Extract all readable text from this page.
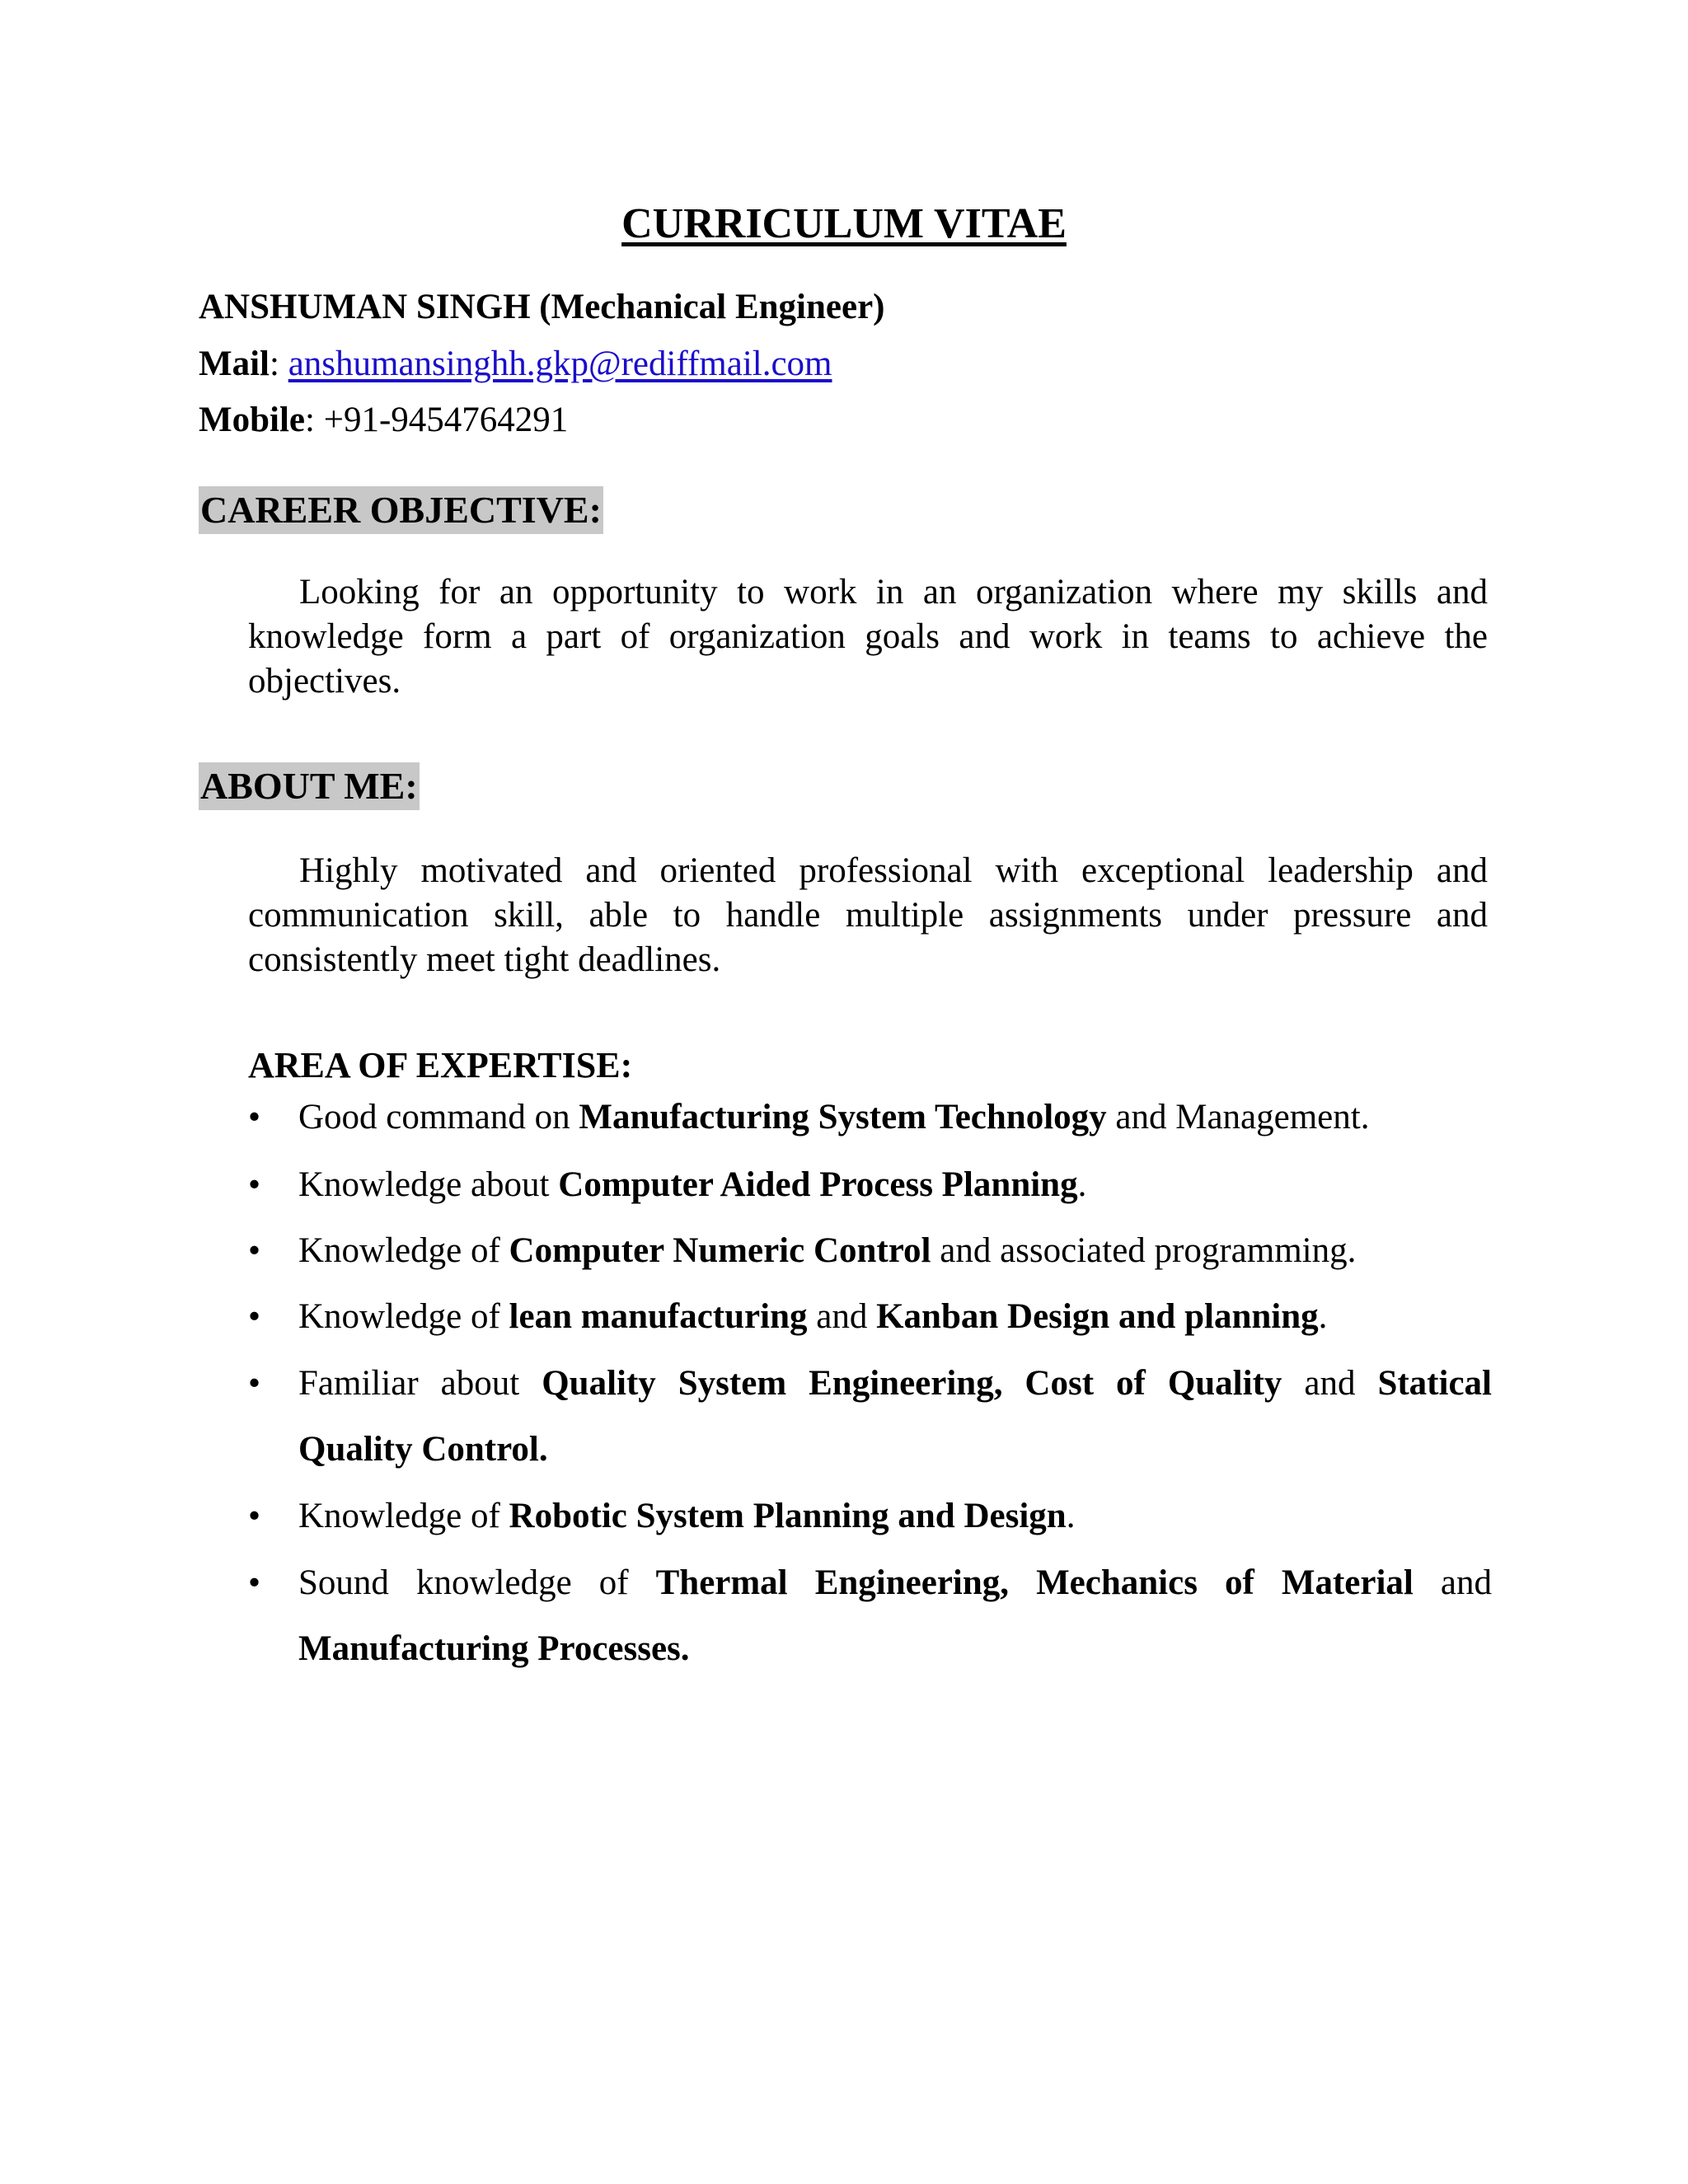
CURRICULUM VITAE
ANSHUMAN SINGH (Mechanical Engineer)
Mail: anshumansinghh.gkp@rediffmail.com
Mobile: +91-9454764291
CAREER OBJECTIVE:
Looking for an opportunity to work in an organization where my skills and knowledge form a part of organization goals and work in teams to achieve the objectives.
ABOUT ME:
Highly motivated and oriented professional with exceptional leadership and communication skill, able to handle multiple assignments under pressure and consistently meet tight deadlines.
AREA OF EXPERTISE:
• Good command on Manufacturing System Technology and Management.
• Knowledge about Computer Aided Process Planning.
• Knowledge of Computer Numeric Control and associated programming.
• Knowledge of lean manufacturing and Kanban Design and planning.
• Familiar about Quality System Engineering, Cost of Quality and Statical Quality Control.
• Knowledge of Robotic System Planning and Design.
• Sound knowledge of Thermal Engineering, Mechanics of Material and Manufacturing Processes.
